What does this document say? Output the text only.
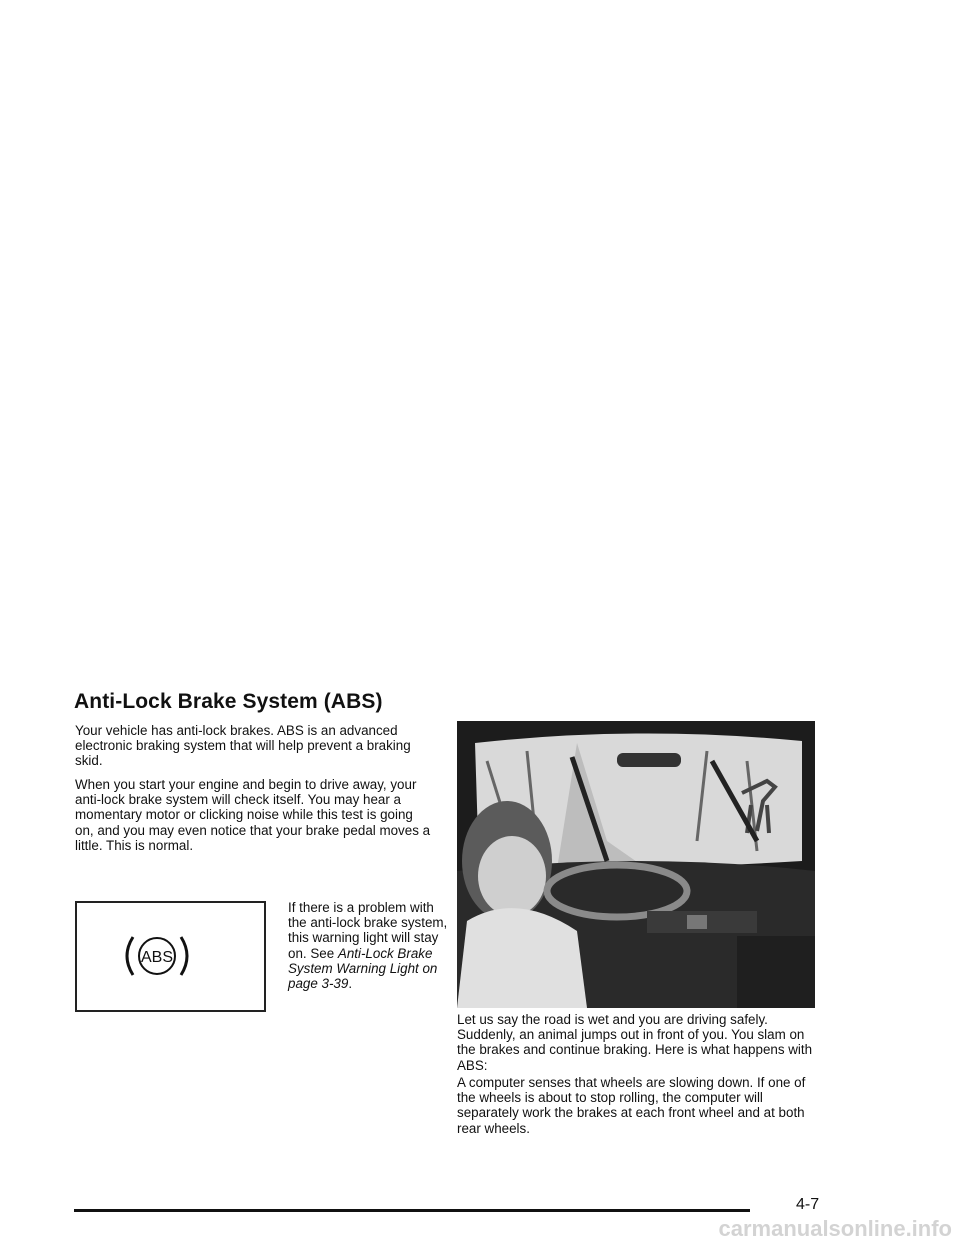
Anti-Lock Brake System (ABS)

Your vehicle has anti-lock brakes. ABS is an advanced electronic braking system that will help prevent a braking skid.

When you start your engine and begin to drive away, your anti-lock brake system will check itself. You may hear a momentary motor or clicking noise while this test is going on, and you may even notice that your brake pedal moves a little. This is normal.

ABS

If there is a problem with the anti-lock brake system, this warning light will stay on. See Anti-Lock Brake System Warning Light on page 3-39.

Let us say the road is wet and you are driving safely. Suddenly, an animal jumps out in front of you. You slam on the brakes and continue braking. Here is what happens with ABS:

A computer senses that wheels are slowing down. If one of the wheels is about to stop rolling, the computer will separately work the brakes at each front wheel and at both rear wheels.

4-7
carmanualsonline.info
